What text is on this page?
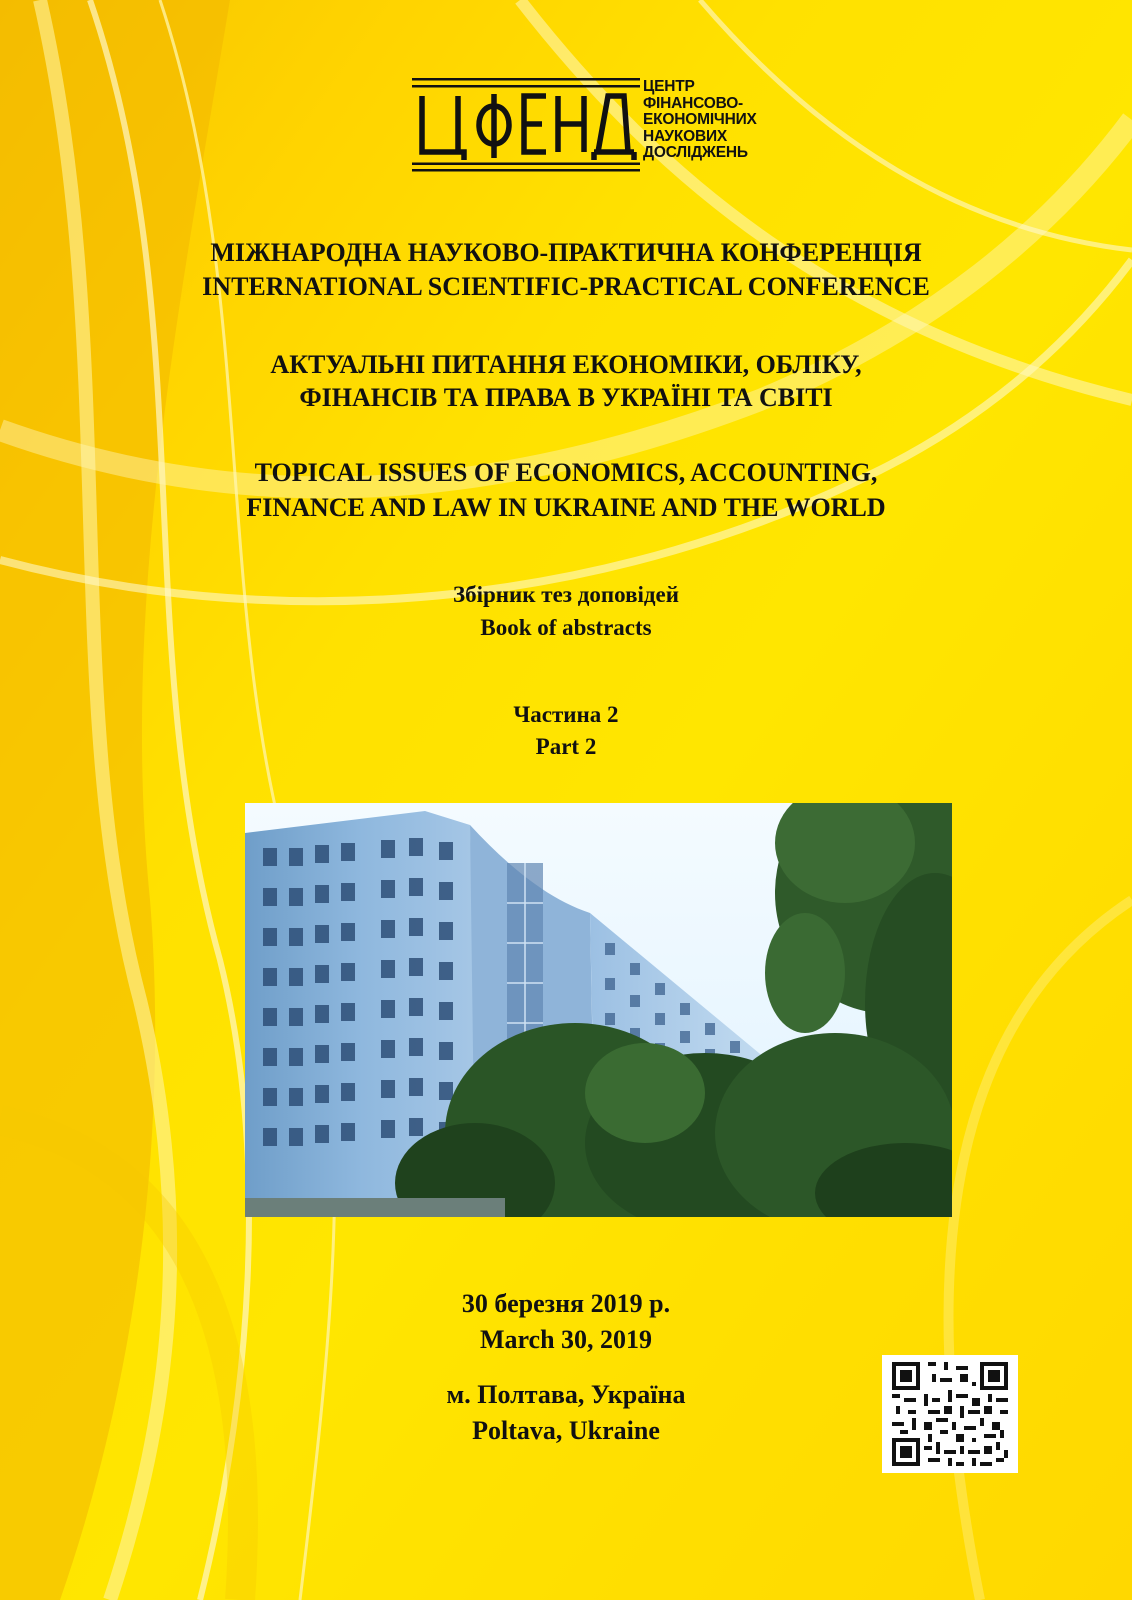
ЦЕНТР
ФІНАНСОВО-
ЕКОНОМІЧНИХ
НАУКОВИХ
ДОСЛІДЖЕНЬ
МІЖНАРОДНА НАУКОВО-ПРАКТИЧНА КОНФЕРЕНЦІЯ
INTERNATIONAL SCIENTIFIC-PRACTICAL CONFERENCE
АКТУАЛЬНІ ПИТАННЯ ЕКОНОМІКИ, ОБЛІКУ,
ФІНАНСІВ ТА ПРАВА В УКРАЇНІ ТА СВІТІ
TOPICAL ISSUES OF ECONOMICS, ACCOUNTING,
FINANCE AND LAW IN UKRAINE AND THE WORLD
Збірник тез доповідей
Book of abstracts
Частина 2
Part 2
30 березня 2019 р.
March 30, 2019
м. Полтава, Україна
Poltava, Ukraine
